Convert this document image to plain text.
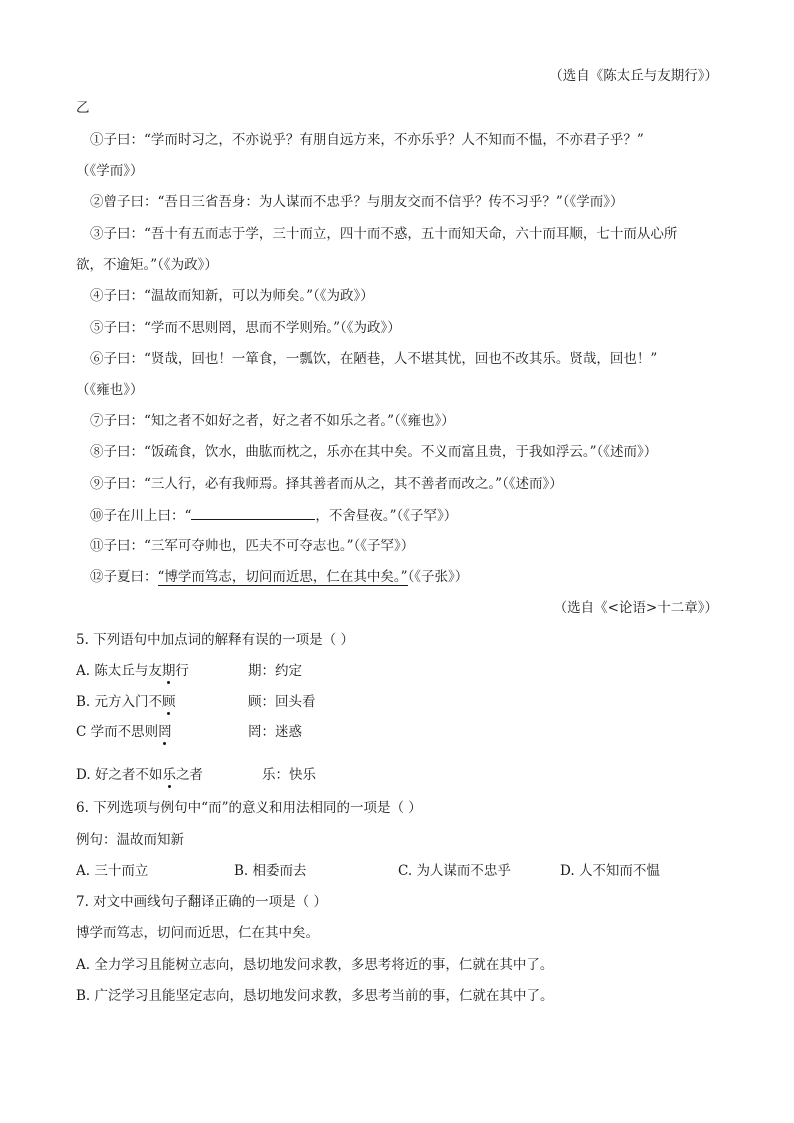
（选自《陈太丘与友期行》）
乙
①子曰：“学而时习之，不亦说乎？有朋自远方来，不亦乐乎？人不知而不愠，不亦君子乎？”
（《学而》）
②曾子曰：“吾日三省吾身：为人谋而不忠乎？与朋友交而不信乎？传不习乎？”（《学而》）
③子曰：“吾十有五而志于学，三十而立，四十而不惑，五十而知天命，六十而耳顺，七十而从心所
欲，不逾矩。”（《为政》）
④子曰：“温故而知新，可以为师矣。”（《为政》）
⑤子曰：“学而不思则罔，思而不学则殆。”（《为政》）
⑥子曰：“贤哉，回也！一箪食，一瓢饮，在陋巷，人不堪其忧，回也不改其乐。贤哉，回也！”
（《雍也》）
⑦子曰：“知之者不如好之者，好之者不如乐之者。”（《雍也》）
⑧子曰：“饭疏食，饮水，曲肱而枕之，乐亦在其中矣。不义而富且贵，于我如浮云。”（《述而》）
⑨子曰：“三人行，必有我师焉。择其善者而从之，其不善者而改之。”（《述而》）
⑩子在川上曰：“	，不舍昼夜。”（《子罕》）
⑪子曰：“三军可夺帅也，匹夫不可夺志也。”（《子罕》）
⑫子夏曰：“博学而笃志，切问而近思，仁在其中矣。”（《子张》）
（选自《<论语>十二章》）
5. 下列语句中加点词的解释有误的一项是（ ）
A. 陈太丘与友期行	期：约定
B. 元方入门不顾	顾：回头看
C 学而不思则罔	罔：迷惑
D. 好之者不如乐之者	乐：快乐
6. 下列选项与例句中“而”的意义和用法相同的一项是（ ）
例句：温故而知新
A. 三十而立	B. 相委而去	C. 为人谋而不忠乎	D. 人不知而不愠
7. 对文中画线句子翻译正确的一项是（ ）
博学而笃志，切问而近思，仁在其中矣。
A. 全力学习且能树立志向，恳切地发问求教，多思考将近的事，仁就在其中了。
B. 广泛学习且能坚定志向，恳切地发问求教，多思考当前的事，仁就在其中了。
